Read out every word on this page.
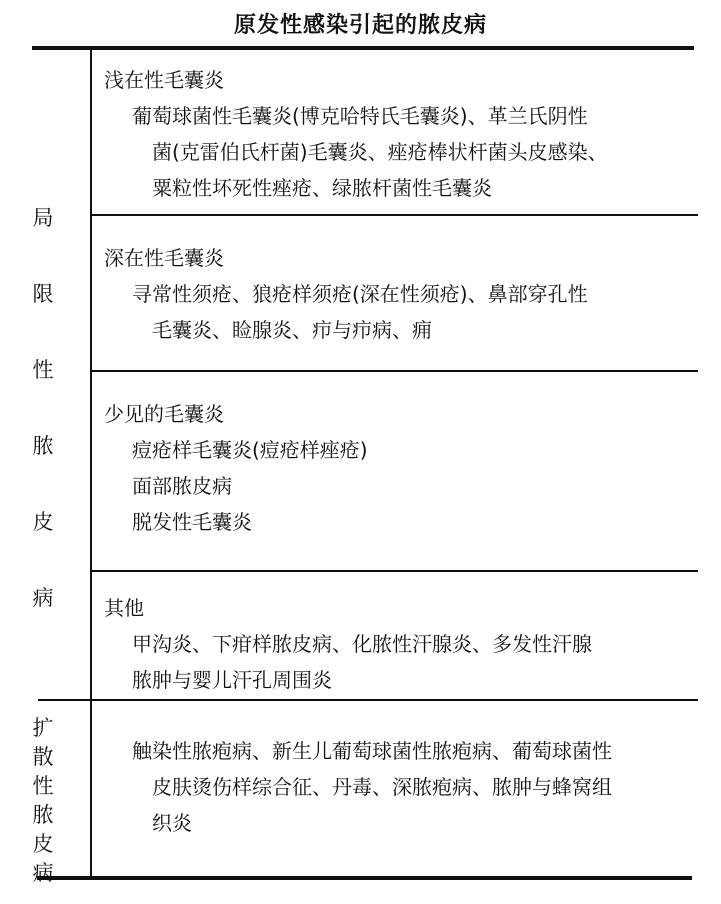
原发性感染引起的脓皮病
局
限
性
脓
皮
病
扩
散
性
脓
皮
病
浅在性毛囊炎
葡萄球菌性毛囊炎(博克哈特氏毛囊炎)、革兰氏阴性
菌(克雷伯氏杆菌)毛囊炎、痤疮棒状杆菌头皮感染、
粟粒性坏死性痤疮、绿脓杆菌性毛囊炎
深在性毛囊炎
寻常性须疮、狼疮样须疮(深在性须疮)、鼻部穿孔性
毛囊炎、睑腺炎、疖与疖病、痈
少见的毛囊炎
痘疮样毛囊炎(痘疮样痤疮)
面部脓皮病
脱发性毛囊炎
其他
甲沟炎、下疳样脓皮病、化脓性汗腺炎、多发性汗腺
脓肿与婴儿汗孔周围炎
触染性脓疱病、新生儿葡萄球菌性脓疱病、葡萄球菌性
皮肤烫伤样综合征、丹毒、深脓疱病、脓肿与蜂窝组
织炎
